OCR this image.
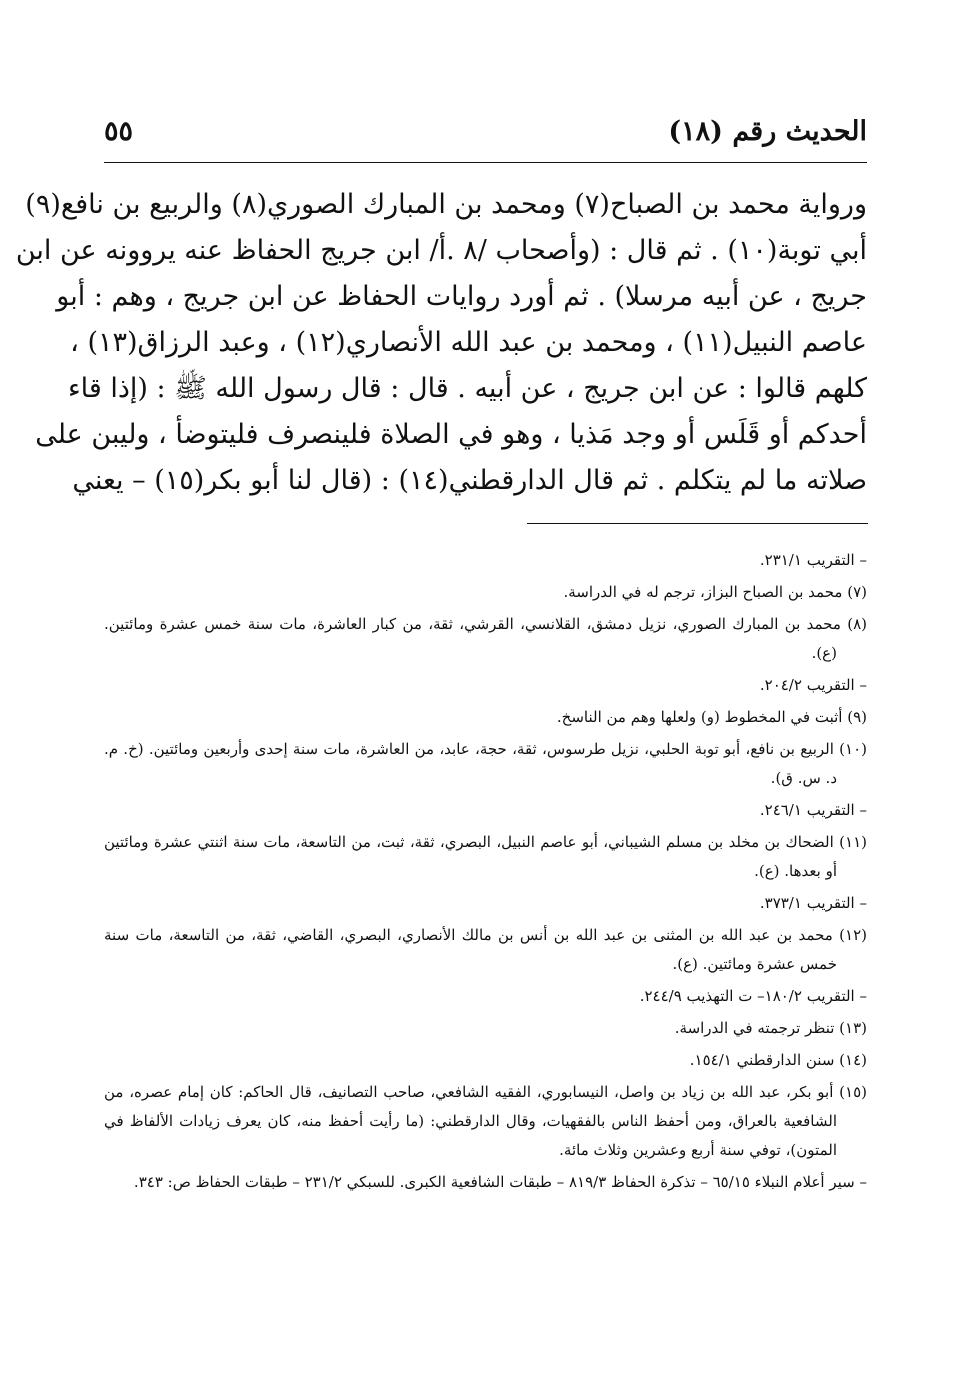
الحديث رقم (١٨)
٥٥
ورواية محمد بن الصباح(٧) ومحمد بن المبارك الصوري(٨) والربيع بن نافع(٩)
أبي توبة(١٠) . ثم قال : (وأصحاب /٨ .أ/ ابن جريج الحفاظ عنه يروونه عن ابن
جريج ، عن أبيه مرسلا) . ثم أورد روايات الحفاظ عن ابن جريج ، وهم : أبو
عاصم النبيل(١١) ، ومحمد بن عبد الله الأنصاري(١٢) ، وعبد الرزاق(١٣) ،
كلهم قالوا : عن ابن جريج ، عن أبيه . قال : قال رسول الله ﷺ : (إذا قاء
أحدكم أو قَلَس أو وجد مَذيا ، وهو في الصلاة فلينصرف فليتوضأ ، وليبن على
صلاته ما لم يتكلم . ثم قال الدارقطني(١٤) : (قال لنا أبو بكر(١٥) – يعني
– التقريب ٢٣١/١.
(٧) محمد بن الصباح البزاز، ترجم له في الدراسة.
(٨) محمد بن المبارك الصوري، نزيل دمشق، القلانسي، القرشي، ثقة، من كبار العاشرة، مات سنة خمس عشرة ومائتين. (ع).
– التقريب ٢٠٤/٢.
(٩) أثبت في المخطوط (و) ولعلها وهم من الناسخ.
(١٠) الربيع بن نافع، أبو توبة الحلبي، نزيل طرسوس، ثقة، حجة، عابد، من العاشرة، مات سنة إحدى وأربعين ومائتين. (خ. م. د. س. ق).
– التقريب ٢٤٦/١.
(١١) الضحاك بن مخلد بن مسلم الشيباني، أبو عاصم النبيل، البصري، ثقة، ثبت، من التاسعة، مات سنة اثنتي عشرة ومائتين أو بعدها. (ع).
– التقريب ٣٧٣/١.
(١٢) محمد بن عبد الله بن المثنى بن عبد الله بن أنس بن مالك الأنصاري، البصري، القاضي، ثقة، من التاسعة، مات سنة خمس عشرة ومائتين. (ع).
– التقريب ١٨٠/٢– ت التهذيب ٢٤٤/٩.
(١٣) تنظر ترجمته في الدراسة.
(١٤) سنن الدارقطني ١٥٤/١.
(١٥) أبو بكر، عبد الله بن زياد بن واصل، النيسابوري، الفقيه الشافعي، صاحب التصانيف، قال الحاكم: كان إمام عصره، من الشافعية بالعراق، ومن أحفظ الناس بالفقهيات، وقال الدارقطني: (ما رأيت أحفظ منه، كان يعرف زيادات الألفاظ في المتون)، توفي سنة أربع وعشرين وثلاث مائة.
– سير أعلام النبلاء ٦٥/١٥ – تذكرة الحفاظ ٨١٩/٣ – طبقات الشافعية الكبرى. للسبكي ٢٣١/٢ – طبقات الحفاظ ص: ٣٤٣.
